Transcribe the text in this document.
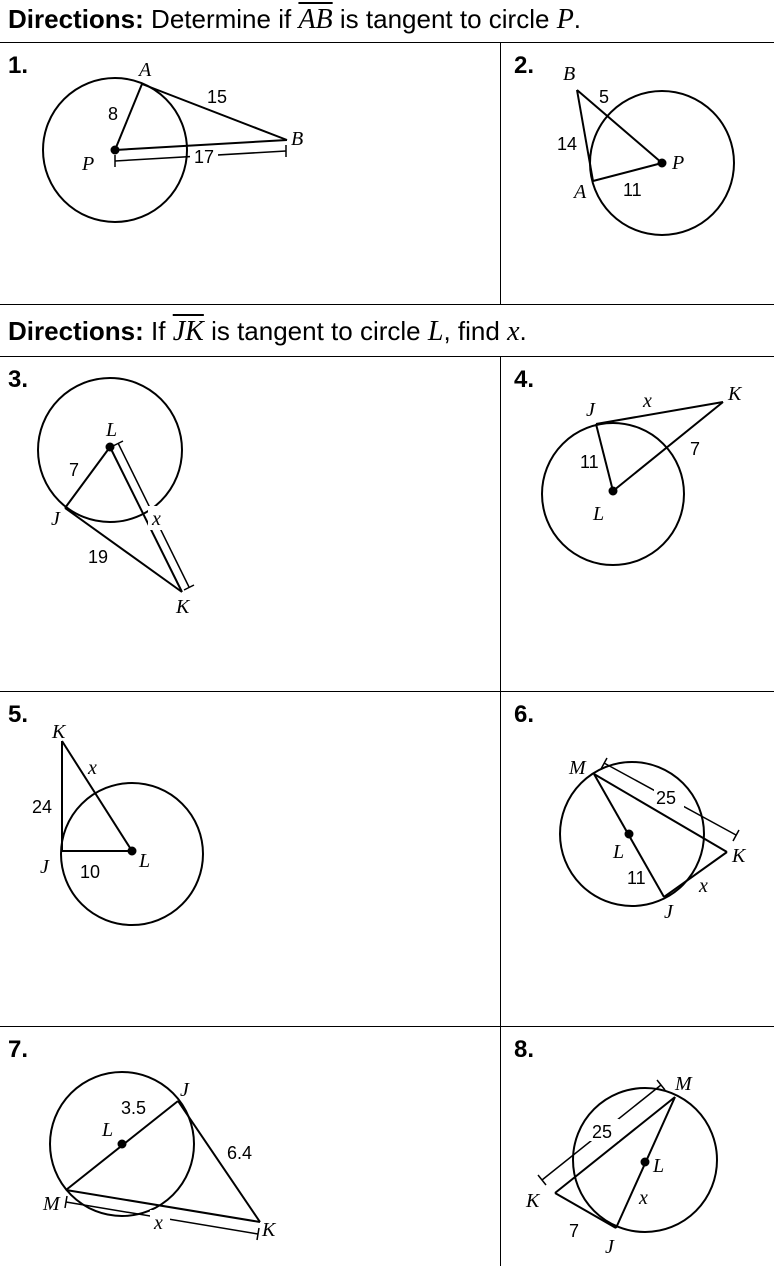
Directions: Determine if $\overline{AB}$ is tangent to circle P.
Directions: If $\overline{JK}$ is tangent to circle L, find x.
1.	2.
3.	4.
5.	6.
7.	8.
A
B
P
8
15
17
B
A
P
5
14
11
L
J
K
7
19
x
J
K
L
x
11
7
K
J	L
x
24
10
M
K
L
J
25
11	x
J
L
M
K
3.5
6.4
x
M
L
K
J
25
7
x
